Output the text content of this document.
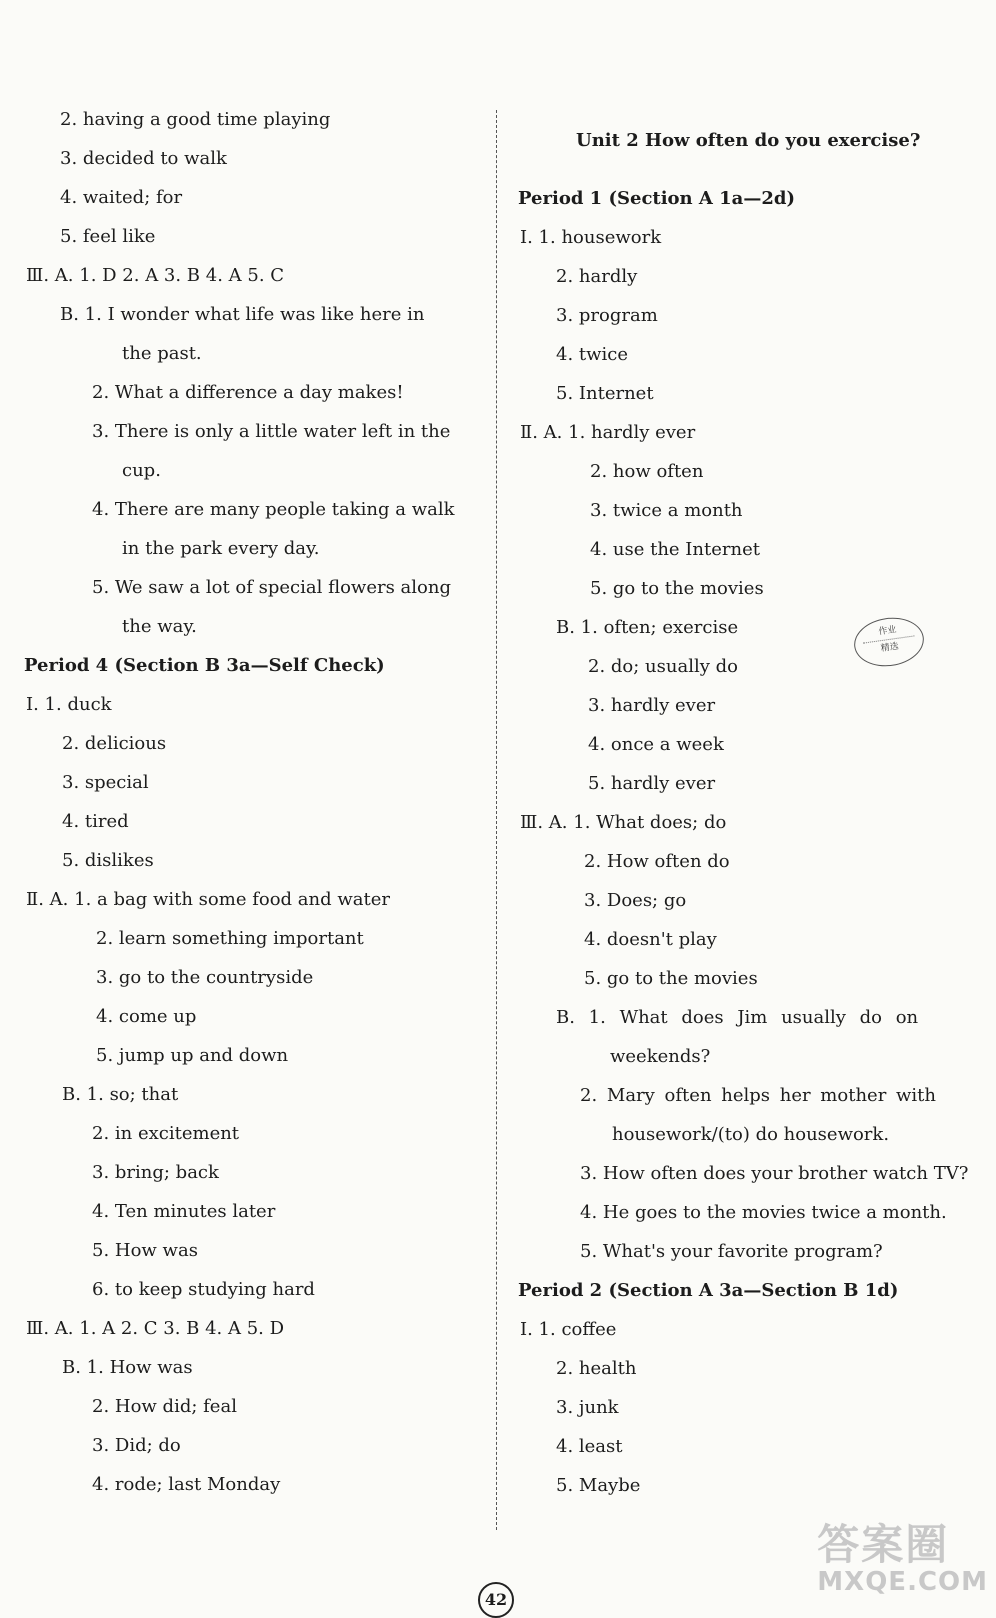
2. having a good time playing
3. decided to walk
4. waited; for
5. feel like
Ⅲ. A. 1. D 2. A 3. B 4. A 5. C
B. 1. I wonder what life was like here in
the past.
2. What a difference a day makes!
3. There is only a little water left in the
cup.
4. There are many people taking a walk
in the park every day.
5. We saw a lot of special flowers along
the way.
Period 4 (Section B 3a—Self Check)
Ⅰ. 1. duck
2. delicious
3. special
4. tired
5. dislikes
Ⅱ. A. 1. a bag with some food and water
2. learn something important
3. go to the countryside
4. come up
5. jump up and down
B. 1. so; that
2. in excitement
3. bring; back
4. Ten minutes later
5. How was
6. to keep studying hard
Ⅲ. A. 1. A 2. C 3. B 4. A 5. D
B. 1. How was
2. How did; feal
3. Did; do
4. rode; last Monday
Unit 2 How often do you exercise?
Period 1 (Section A 1a—2d)
Ⅰ. 1. housework
2. hardly
3. program
4. twice
5. Internet
Ⅱ. A. 1. hardly ever
2. how often
3. twice a month
4. use the Internet
5. go to the movies
B. 1. often; exercise
2. do; usually do
3. hardly ever
4. once a week
5. hardly ever
Ⅲ. A. 1. What does; do
2. How often do
3. Does; go
4. doesn't play
5. go to the movies
B. 1. What does Jim usually do on
weekends?
2. Mary often helps her mother with
housework/(to) do housework.
3. How often does your brother watch TV?
4. He goes to the movies twice a month.
5. What's your favorite program?
Period 2 (Section A 3a—Section B 1d)
Ⅰ. 1. coffee
2. health
3. junk
4. least
5. Maybe
作业
精选
42
答案圈
MXQE.COM
